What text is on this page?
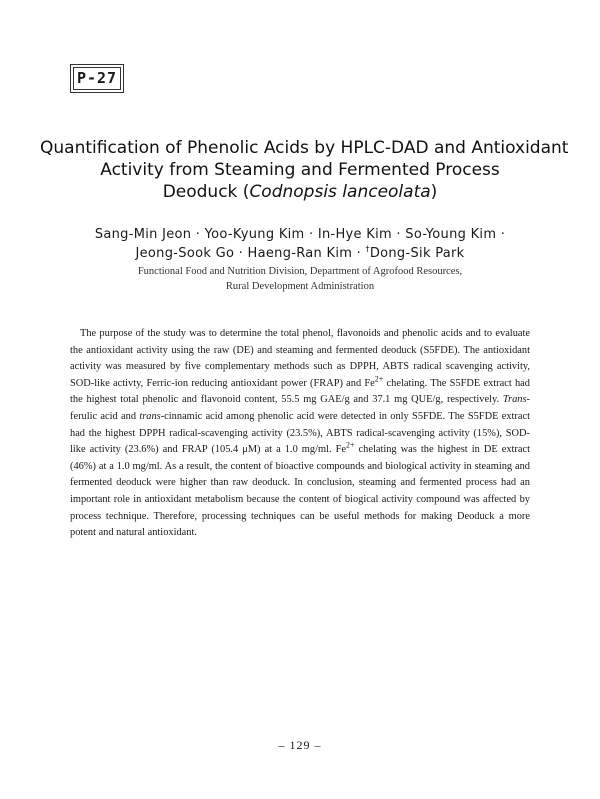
P-27
Quantification of Phenolic Acids by HPLC-DAD and Antioxidant
Activity from Steaming and Fermented Process
Deoduck (Codnopsis lanceolata)
Sang-Min Jeon · Yoo-Kyung Kim · In-Hye Kim · So-Young Kim ·
Jeong-Sook Go · Haeng-Ran Kim · †Dong-Sik Park
Functional Food and Nutrition Division, Department of Agrofood Resources,
Rural Development Administration
The purpose of the study was to determine the total phenol, flavonoids and phenolic acids and to evaluate the antioxidant activity using the raw (DE) and steaming and fermented deoduck (S5FDE). The antioxidant activity was measured by five complementary methods such as DPPH, ABTS radical scavenging activity, SOD-like activty, Ferric-ion reducing antioxidant power (FRAP) and $Fe^{2+}$ chelating. The S5FDE extract had the highest total phenolic and flavonoid content, 55.5 mg GAE/g and 37.1 mg QUE/g, respectively. Trans-ferulic acid and trans-cinnamic acid among phenolic acid were detected in only S5FDE. The S5FDE extract had the highest DPPH radical-scavenging activity (23.5%), ABTS radical-scavenging activity (15%), SOD-like activity (23.6%) and FRAP (105.4 μM) at a 1.0 mg/ml. $Fe^{2+}$ chelating was the highest in DE extract (46%) at a 1.0 mg/ml. As a result, the content of bioactive compounds and biological activity in steaming and fermented deoduck were higher than raw deoduck. In conclusion, steaming and fermented process had an important role in antioxidant metabolism because the content of biogical activity compound was affected by process technique. Therefore, processing techniques can be useful methods for making Deoduck a more potent and natural antioxidant.
– 129 –
